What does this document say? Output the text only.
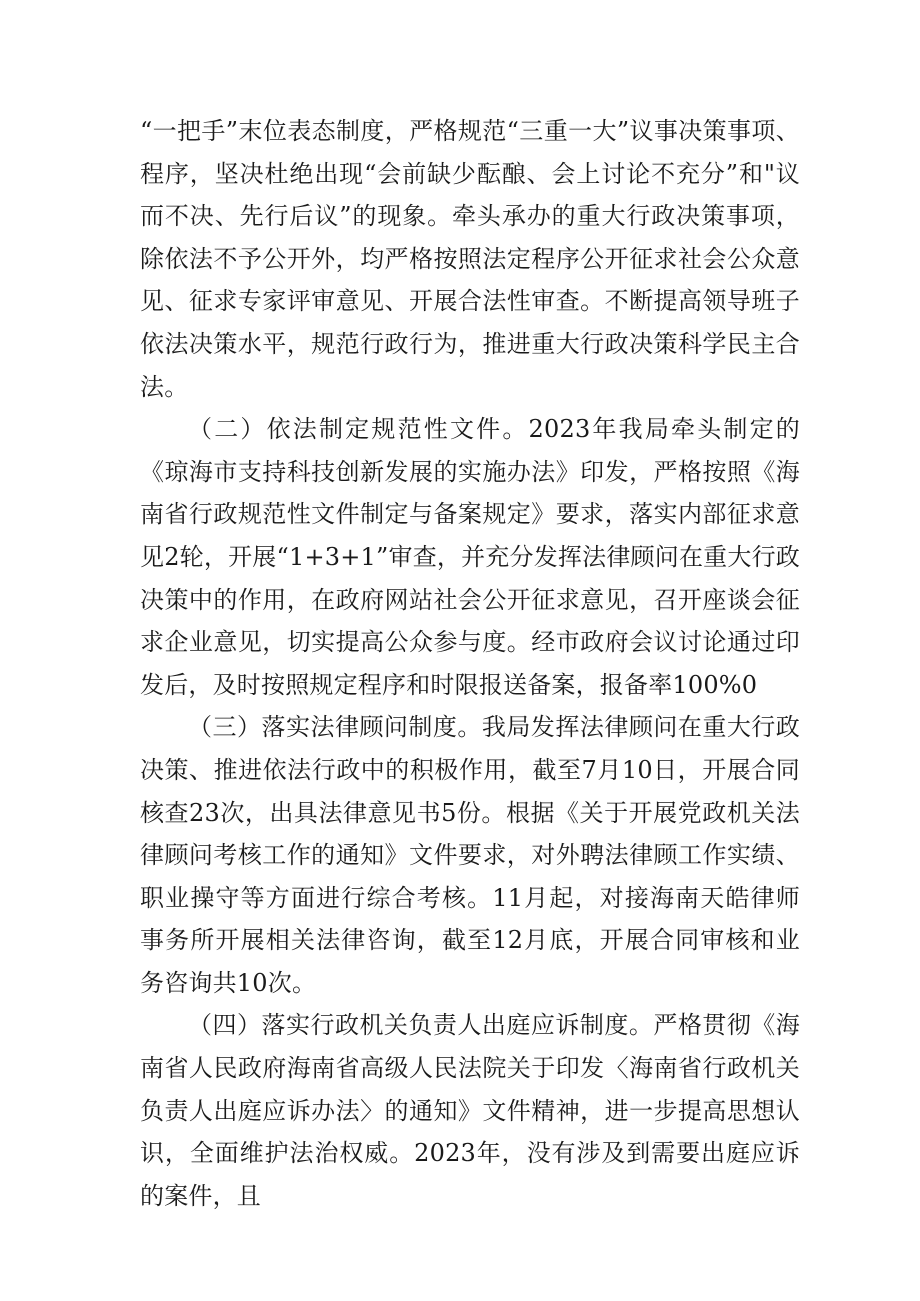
“一把手”末位表态制度，严格规范“三重一大”议事决策事项、程序，坚决杜绝出现“会前缺少酝酿、会上讨论不充分”和"议而不决、先行后议”的现象。牵头承办的重大行政决策事项，除依法不予公开外，均严格按照法定程序公开征求社会公众意见、征求专家评审意见、开展合法性审查。不断提高领导班子依法决策水平，规范行政行为，推进重大行政决策科学民主合法。

（二）依法制定规范性文件。2023年我局牵头制定的《琼海市支持科技创新发展的实施办法》印发，严格按照《海南省行政规范性文件制定与备案规定》要求，落实内部征求意见2轮，开展“1+3+1”审查，并充分发挥法律顾问在重大行政决策中的作用，在政府网站社会公开征求意见，召开座谈会征求企业意见，切实提高公众参与度。经市政府会议讨论通过印发后，及时按照规定程序和时限报送备案，报备率100%0

（三）落实法律顾问制度。我局发挥法律顾问在重大行政决策、推进依法行政中的积极作用，截至7月10日，开展合同核查23次，出具法律意见书5份。根据《关于开展党政机关法律顾问考核工作的通知》文件要求，对外聘法律顾工作实绩、职业操守等方面进行综合考核。11月起，对接海南天皓律师事务所开展相关法律咨询，截至12月底，开展合同审核和业务咨询共10次。

（四）落实行政机关负责人出庭应诉制度。严格贯彻《海南省人民政府海南省高级人民法院关于印发〈海南省行政机关负责人出庭应诉办法〉的通知》文件精神，进一步提高思想认识，全面维护法治权威。2023年，没有涉及到需要出庭应诉的案件，且
